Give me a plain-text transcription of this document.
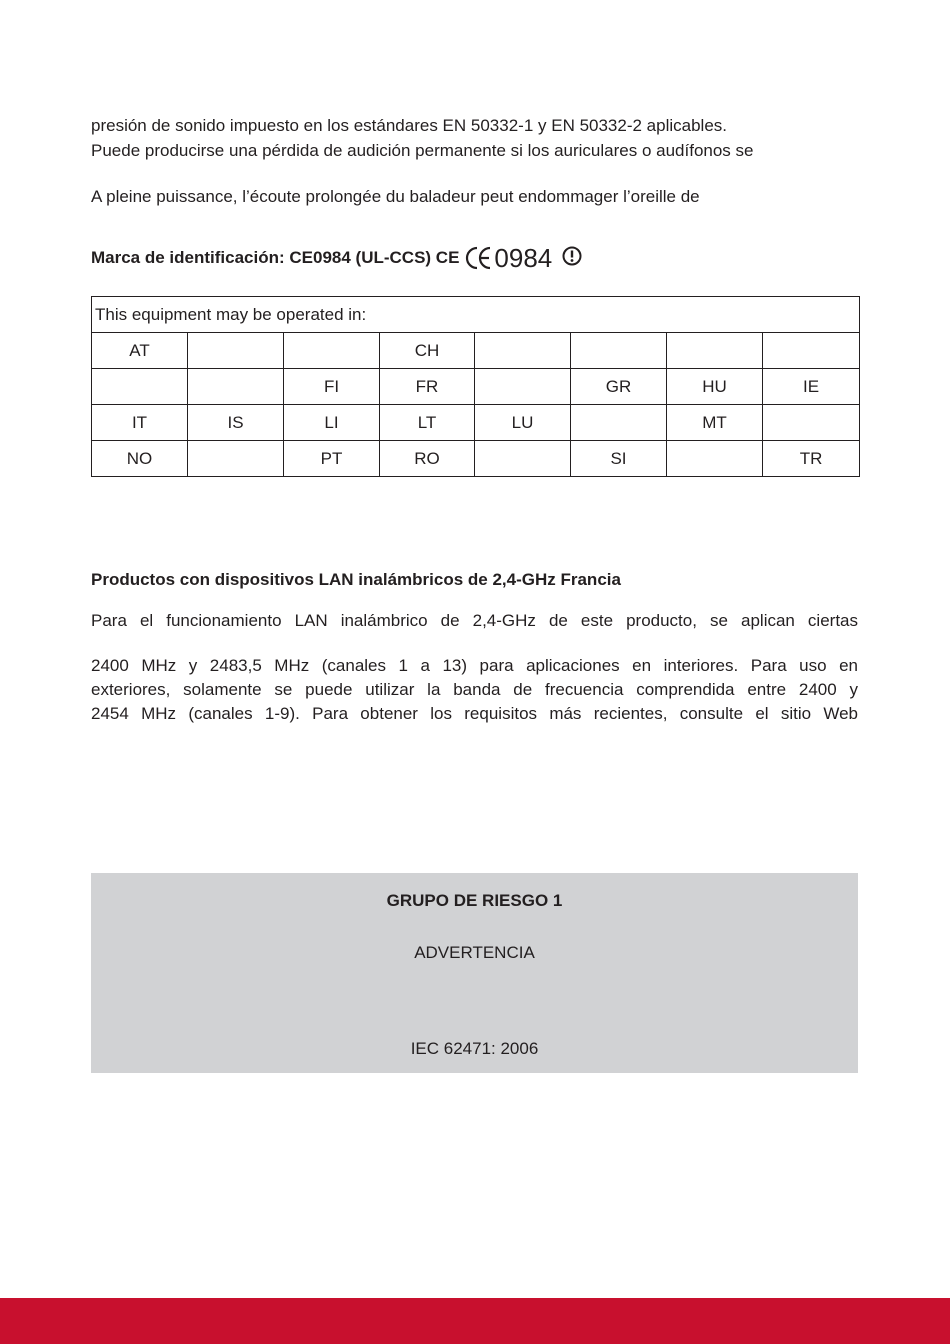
presión de sonido impuesto en los estándares EN 50332-1 y EN 50332-2 aplicables.
Puede producirse una pérdida de audición permanente si los auriculares o audífonos se
A pleine puissance, l’écoute prolongée du baladeur peut endommager l’oreille de
Marca de identificación: CE0984 (UL-CCS) CE 0984
This equipment may be operated in:							
AT			CH				
		FI	FR		GR	HU	IE
IT	IS	LI	LT	LU		MT	
NO		PT	RO		SI		TR
Productos con dispositivos LAN inalámbricos de 2,4-GHz Francia
Para el funcionamiento LAN inalámbrico de 2,4-GHz de este producto, se aplican ciertas
2400 MHz y 2483,5 MHz (canales 1 a 13) para aplicaciones en interiores. Para uso en
exteriores, solamente se puede utilizar la banda de frecuencia comprendida entre 2400 y
2454 MHz (canales 1-9). Para obtener los requisitos más recientes, consulte el sitio Web
GRUPO DE RIESGO 1
ADVERTENCIA
IEC 62471: 2006
